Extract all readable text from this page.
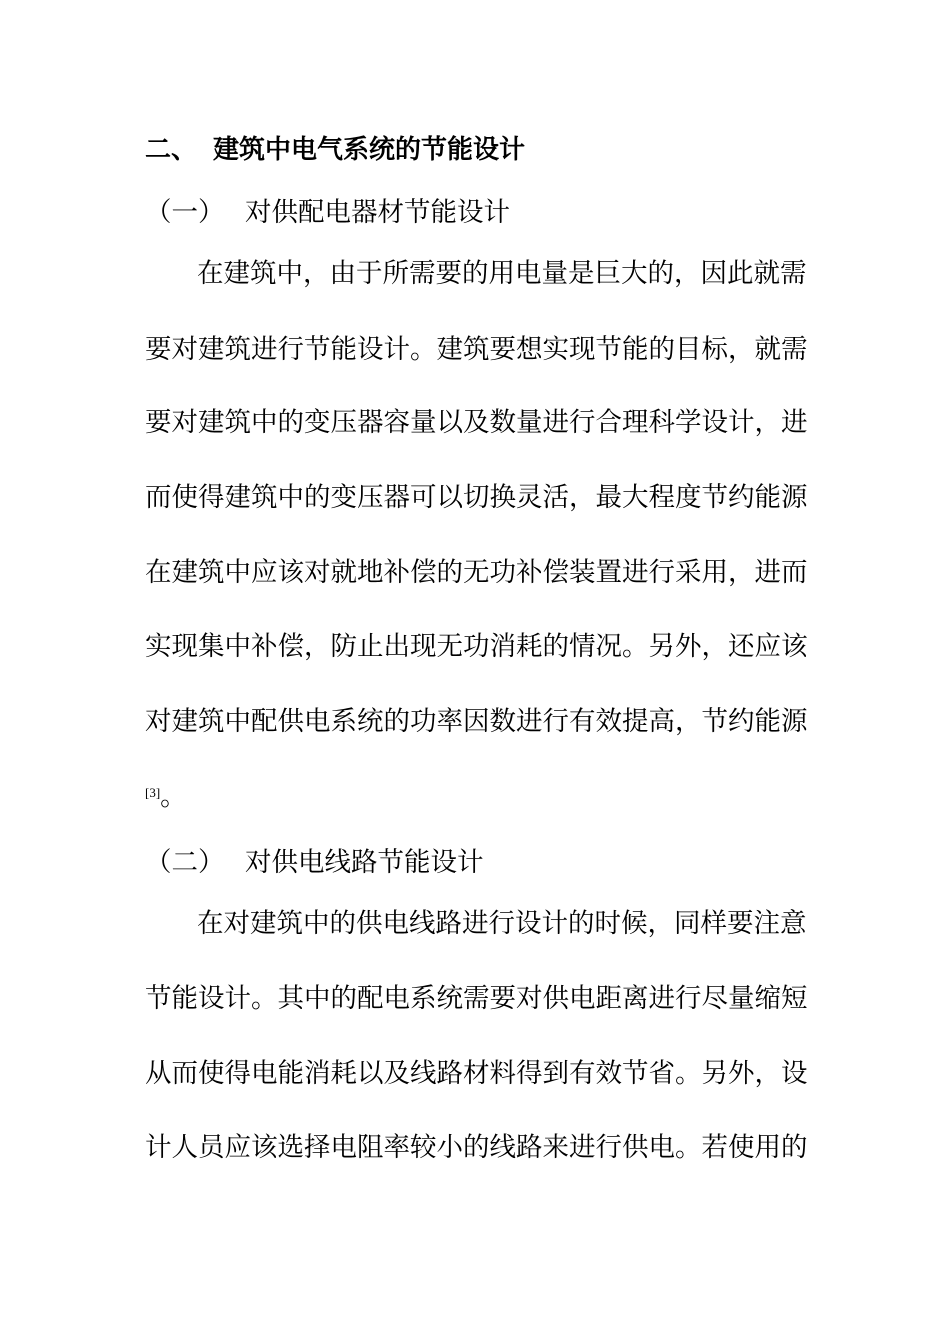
二、 建筑中电气系统的节能设计
（一） 对供配电器材节能设计
在建筑中，由于所需要的用电量是巨大的，因此就需
要对建筑进行节能设计。建筑要想实现节能的目标，就需
要对建筑中的变压器容量以及数量进行合理科学设计，进
而使得建筑中的变压器可以切换灵活，最大程度节约能源
在建筑中应该对就地补偿的无功补偿装置进行采用，进而
实现集中补偿，防止出现无功消耗的情况。另外，还应该
对建筑中配供电系统的功率因数进行有效提高，节约能源
[3]。
（二） 对供电线路节能设计
在对建筑中的供电线路进行设计的时候，同样要注意
节能设计。其中的配电系统需要对供电距离进行尽量缩短
从而使得电能消耗以及线路材料得到有效节省。另外，设
计人员应该选择电阻率较小的线路来进行供电。若使用的
